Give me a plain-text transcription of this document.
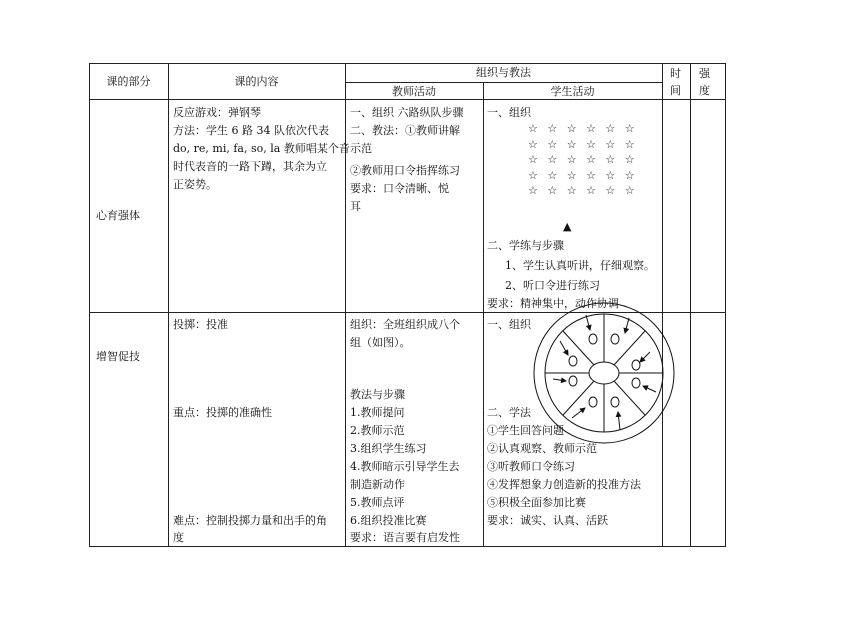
课的部分	课的内容
组织与教法
教师活动	学生活动
时
间
强
度
心育强体
反应游戏：弹钢琴
方法：学生 6 路 34 队依次代表
do, re, mi, fa, so, la 教师唱某个音
时代表音的一路下蹲，其余为立
正姿势。
一、组织 六路纵队步骤
二、教法：①教师讲解
示范
②教师用口令指挥练习
要求：口令清晰、悦
耳
一、组织
☆ ☆ ☆ ☆ ☆ ☆
☆ ☆ ☆ ☆ ☆ ☆
☆ ☆ ☆ ☆ ☆ ☆
☆ ☆ ☆ ☆ ☆ ☆
☆ ☆ ☆ ☆ ☆ ☆
▲
二、学练与步骤
1、学生认真听讲，仔细观察。
2、听口令进行练习
要求：精神集中，动作协调
增智促技
投掷：投准
重点：投掷的准确性
难点：控制投掷力量和出手的角
度
组织：全班组织成八个
组（如图）。
教法与步骤
1.教师提问
2.教师示范
3.组织学生练习
4.教师暗示引导学生去
制造新动作
5.教师点评
6.组织投准比赛
要求：语言要有启发性
一、组织
二、学法
①学生回答问题
②认真观察、教师示范
③听教师口令练习
④发挥想象力创造新的投准方法
⑤积极全面参加比赛
要求：诚实、认真、活跃
